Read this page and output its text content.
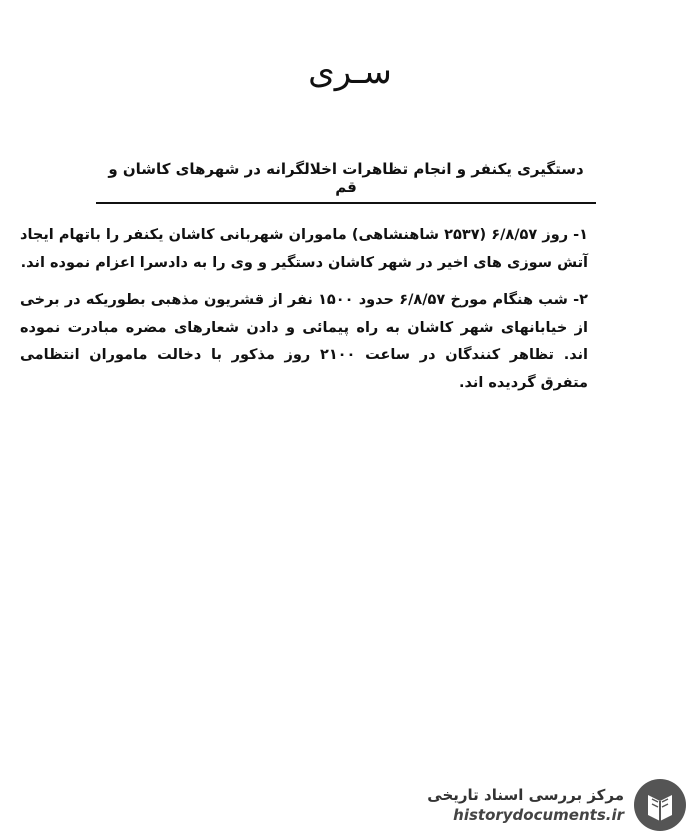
سـری
دستگیری یکنفر و انجام تظاهرات اخلالگرانه در شهرهای کاشان و قم

۱- روز ۶/۸/۵۷ (۲۵۳۷ شاهنشاهی) ماموران شهربانی کاشان یکنفر را باتهام ایجاد آتش سوزی های اخیر در شهر کاشان دستگیر و وی را به دادسرا اعزام نموده اند.

۲- شب هنگام مورخ ۶/۸/۵۷ حدود ۱۵۰۰ نفر از قشریون مذهبی بطوریکه در برخی از خیابانهای شهر کاشان به راه پیمائی و دادن شعارهای مضره مبادرت نموده اند. تظاهر کنندگان در ساعت ۲۱۰۰ روز مذکور با دخالت ماموران انتظامی متفرق گردیده اند.

مرکز بررسی اسناد تاریخی
historydocuments.ir
